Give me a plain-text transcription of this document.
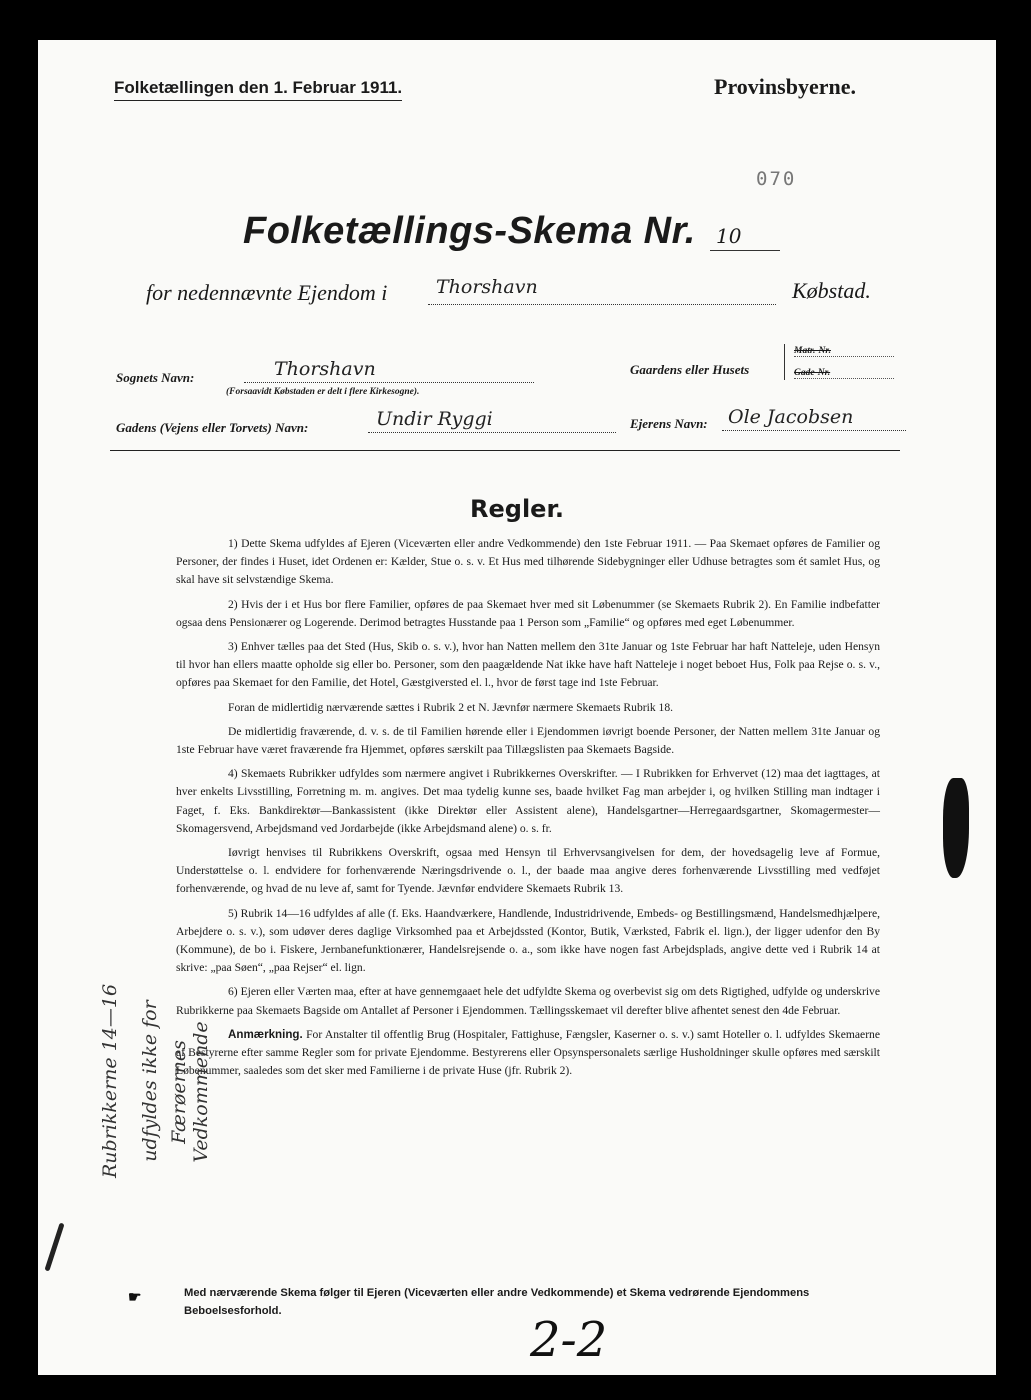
Folketællingen den 1. Februar 1911.	Provinsbyerne.
070
Folketællings-Skema Nr.	10
for nedennævnte Ejendom i	Thorshavn	Købstad.
Sognets Navn:	Thorshavn
(Forsaavidt Købstaden er delt i flere Kirkesogne).
Gaardens eller Husets
Matr.-Nr.
Gade-Nr.
Gadens (Vejens eller Torvets) Navn:	Undir Ryggi	Ejerens Navn:	Ole Jacobsen
Regler.

1) Dette Skema udfyldes af Ejeren (Viceværten eller andre Vedkommende) den 1ste Februar 1911. — Paa Skemaet opføres de Familier og Personer, der findes i Huset, idet Ordenen er: Kælder, Stue o. s. v. Et Hus med tilhørende Sidebygninger eller Udhuse betragtes som ét samlet Hus, og skal have sit selvstændige Skema.

2) Hvis der i et Hus bor flere Familier, opføres de paa Skemaet hver med sit Løbenummer (se Skemaets Rubrik 2). En Familie indbefatter ogsaa dens Pensionærer og Logerende. Derimod betragtes Husstande paa 1 Person som „Familie“ og opføres med eget Løbenummer.

3) Enhver tælles paa det Sted (Hus, Skib o. s. v.), hvor han Natten mellem den 31te Januar og 1ste Februar har haft Natteleje, uden Hensyn til hvor han ellers maatte opholde sig eller bo. Personer, som den paagældende Nat ikke have haft Natteleje i noget beboet Hus, Folk paa Rejse o. s. v., opføres paa Skemaet for den Familie, det Hotel, Gæstgiversted el. l., hvor de først tage ind 1ste Februar.

Foran de midlertidig nærværende sættes i Rubrik 2 et N. Jævnfør nærmere Skemaets Rubrik 18.

De midlertidig fraværende, d. v. s. de til Familien hørende eller i Ejendommen iøvrigt boende Personer, der Natten mellem 31te Januar og 1ste Februar have været fraværende fra Hjemmet, opføres særskilt paa Tillægslisten paa Skemaets Bagside.

4) Skemaets Rubrikker udfyldes som nærmere angivet i Rubrikkernes Overskrifter. — I Rubrikken for Erhvervet (12) maa det iagttages, at hver enkelts Livsstilling, Forretning m. m. angives. Det maa tydelig kunne ses, baade hvilket Fag man arbejder i, og hvilken Stilling man indtager i Faget, f. Eks. Bankdirektør—Bankassistent (ikke Direktør eller Assistent alene), Handelsgartner—Herregaardsgartner, Skomagermester—Skomagersvend, Arbejdsmand ved Jordarbejde (ikke Arbejdsmand alene) o. s. fr.

Iøvrigt henvises til Rubrikkens Overskrift, ogsaa med Hensyn til Erhvervsangivelsen for dem, der hovedsagelig leve af Formue, Understøttelse o. l. endvidere for forhenværende Næringsdrivende o. l., der baade maa angive deres forhenværende Livsstilling med vedføjet forhenværende, og hvad de nu leve af, samt for Tyende. Jævnfør endvidere Skemaets Rubrik 13.

5) Rubrik 14—16 udfyldes af alle (f. Eks. Haandværkere, Handlende, Industridrivende, Embeds- og Bestillingsmænd, Handelsmedhjælpere, Arbejdere o. s. v.), som udøver deres daglige Virksomhed paa et Arbejdssted (Kontor, Butik, Værksted, Fabrik el. lign.), der ligger udenfor den By (Kommune), de bo i. Fiskere, Jernbanefunktionærer, Handelsrejsende o. a., som ikke have nogen fast Arbejdsplads, angive dette ved i Rubrik 14 at skrive: „paa Søen“, „paa Rejser“ el. lign.

6) Ejeren eller Værten maa, efter at have gennemgaaet hele det udfyldte Skema og overbevist sig om dets Rigtighed, udfylde og underskrive Rubrikkerne paa Skemaets Bagside om Antallet af Personer i Ejendommen. Tællingsskemaet vil derefter blive afhentet senest den 4de Februar.

Anmærkning. For Anstalter til offentlig Brug (Hospitaler, Fattighuse, Fængsler, Kaserner o. s. v.) samt Hoteller o. l. udfyldes Skemaerne af Bestyrerne efter samme Regler som for private Ejendomme. Bestyrerens eller Opsynspersonalets særlige Husholdninger skulle opføres med særskilt Løbenummer, saaledes som det sker med Familierne i de private Huse (jfr. Rubrik 2).

Rubrikkerne 14—16 udfyldes ikke for Færøernes Vedkommende
☛	Med nærværende Skema følger til Ejeren (Viceværten eller andre Vedkommende) et Skema vedrørende Ejendommens Beboelsesforhold.
2-2
